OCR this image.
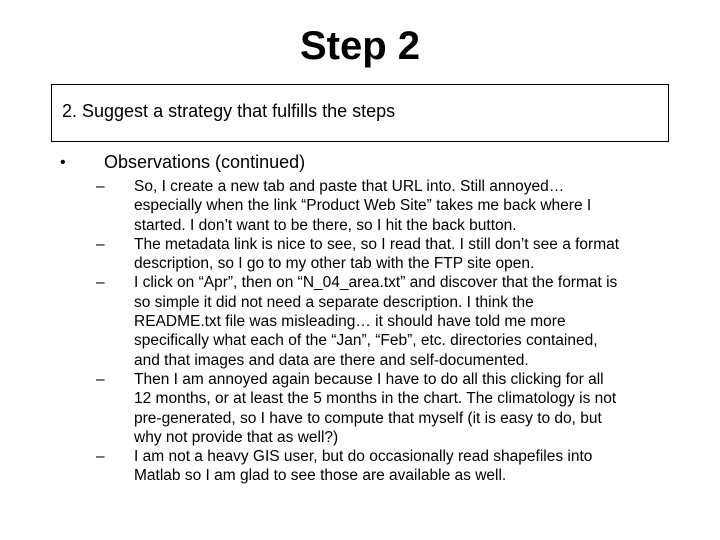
Step 2
2. Suggest a strategy that fulfills the steps
• Observations (continued)
– So, I create a new tab and paste that URL into. Still annoyed…
especially when the link “Product Web Site” takes me back where I
started. I don’t want to be there, so I hit the back button.
– The metadata link is nice to see, so I read that. I still don’t see a format
description, so I go to my other tab with the FTP site open.
– I click on “Apr”, then on “N_04_area.txt” and discover that the format is
so simple it did not need a separate description. I think the
README.txt file was misleading… it should have told me more
specifically what each of the “Jan”, “Feb”, etc. directories contained,
and that images and data are there and self-documented.
– Then I am annoyed again because I have to do all this clicking for all
12 months, or at least the 5 months in the chart. The climatology is not
pre-generated, so I have to compute that myself (it is easy to do, but
why not provide that as well?)
– I am not a heavy GIS user, but do occasionally read shapefiles into
Matlab so I am glad to see those are available as well.
